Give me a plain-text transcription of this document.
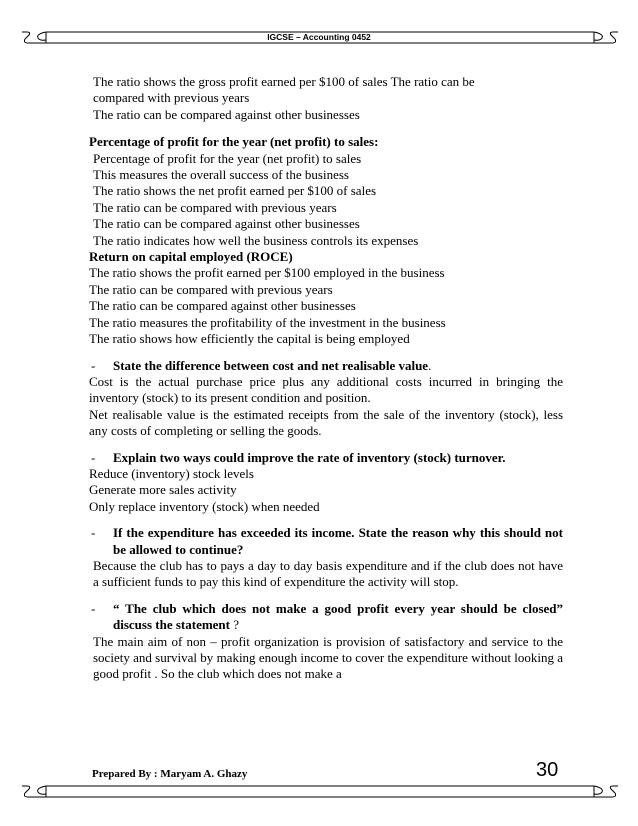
IGCSE – Accounting 0452
The ratio shows the gross profit earned per $100 of sales The ratio can be
compared with previous years
The ratio can be compared against other businesses
Percentage of profit for the year (net profit) to sales:
Percentage of profit for the year (net profit) to sales
This measures the overall success of the business
The ratio shows the net profit earned per $100 of sales
The ratio can be compared with previous years
The ratio can be compared against other businesses
The ratio indicates how well the business controls its expenses
Return on capital employed (ROCE)
The ratio shows the profit earned per $100 employed in the business
The ratio can be compared with previous years
The ratio can be compared against other businesses
The ratio measures the profitability of the investment in the business
The ratio shows how efficiently the capital is being employed
-	State the difference between cost and net realisable value.

Cost is the actual purchase price plus any additional costs incurred in bringing the inventory (stock) to its present condition and position.

Net realisable value is the estimated receipts from the sale of the inventory (stock), less any costs of completing or selling the goods.

-	Explain two ways could improve the rate of inventory (stock) turnover.
Reduce (inventory) stock levels
Generate more sales activity
Only replace inventory (stock) when needed
-	If the expenditure has exceeded its income. State the reason why this should not be allowed to continue?
Because the club has to pays a day to day basis expenditure and if the club does not have a sufficient funds to pay this kind of expenditure the activity will stop.
-	“ The club which does not make a good profit every year should be closed” discuss the statement ?
The main aim of non – profit organization is provision of satisfactory and service to the society and survival by making enough income to cover the expenditure without looking a good profit . So the club which does not make a
Prepared By : Maryam A. Ghazy	30
